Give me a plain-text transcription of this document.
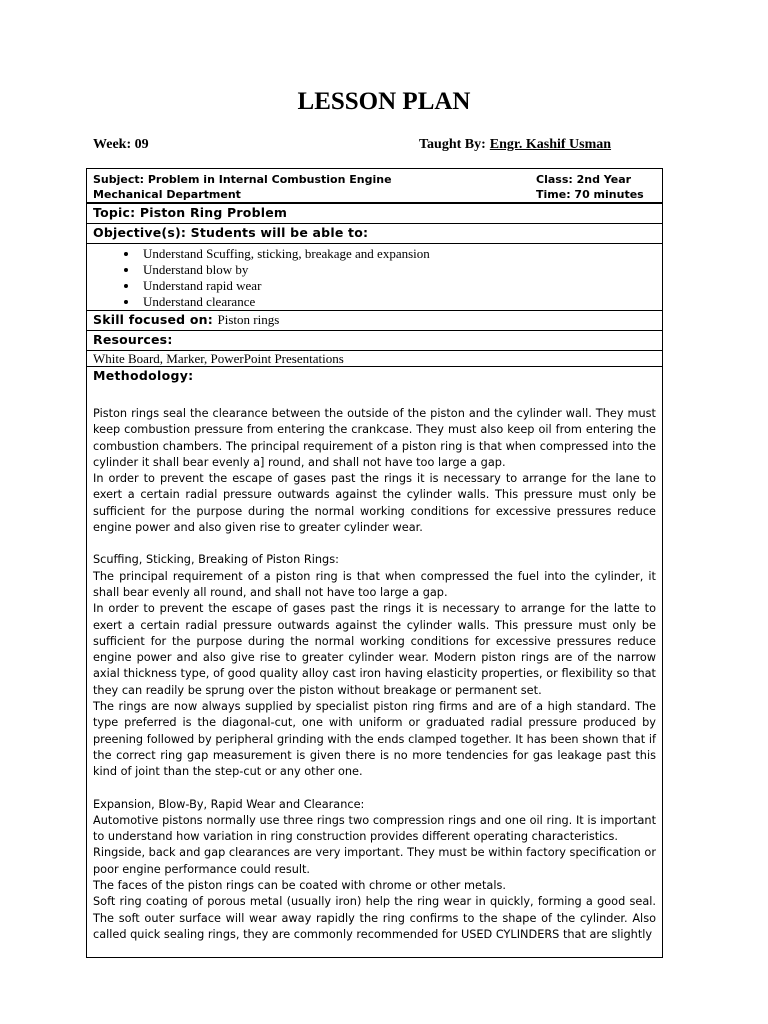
LESSON PLAN
Week: 09	Taught By: Engr. Kashif Usman
Subject: Problem in Internal Combustion Engine	Class: 2nd Year
Mechanical Department	Time: 70 minutes
Topic: Piston Ring Problem
Objective(s): Students will be able to:
• Understand Scuffing, sticking, breakage and expansion
• Understand blow by
• Understand rapid wear
• Understand clearance
Skill focused on: Piston rings
Resources:
White Board, Marker, PowerPoint Presentations
Methodology:

Piston rings seal the clearance between the outside of the piston and the cylinder wall. They must keep combustion pressure from entering the crankcase. They must also keep oil from entering the combustion chambers. The principal requirement of a piston ring is that when compressed into the cylinder it shall bear evenly a] round, and shall not have too large a gap.

In order to prevent the escape of gases past the rings it is necessary to arrange for the lane to exert a certain radial pressure outwards against the cylinder walls. This pressure must only be sufficient for the purpose during the normal working conditions for excessive pressures reduce engine power and also given rise to greater cylinder wear.

Scuffing, Sticking, Breaking of Piston Rings:

The principal requirement of a piston ring is that when compressed the fuel into the cylinder, it shall bear evenly all round, and shall not have too large a gap.

In order to prevent the escape of gases past the rings it is necessary to arrange for the latte to exert a certain radial pressure outwards against the cylinder walls. This pressure must only be sufficient for the purpose during the normal working conditions for excessive pressures reduce engine power and also give rise to greater cylinder wear. Modern piston rings are of the narrow axial thickness type, of good quality alloy cast iron having elasticity properties, or flexibility so that they can readily be sprung over the piston without breakage or permanent set.

The rings are now always supplied by specialist piston ring firms and are of a high standard. The type preferred is the diagonal-cut, one with uniform or graduated radial pressure produced by preening followed by peripheral grinding with the ends clamped together. It has been shown that if the correct ring gap measurement is given there is no more tendencies for gas leakage past this kind of joint than the step-cut or any other one.

Expansion, Blow-By, Rapid Wear and Clearance:

Automotive pistons normally use three rings two compression rings and one oil ring. It is important to understand how variation in ring construction provides different operating characteristics.

Ringside, back and gap clearances are very important. They must be within factory specification or poor engine performance could result.

The faces of the piston rings can be coated with chrome or other metals.

Soft ring coating of porous metal (usually iron) help the ring wear in quickly, forming a good seal. The soft outer surface will wear away rapidly the ring confirms to the shape of the cylinder. Also called quick sealing rings, they are commonly recommended for USED CYLINDERS that are slightly
